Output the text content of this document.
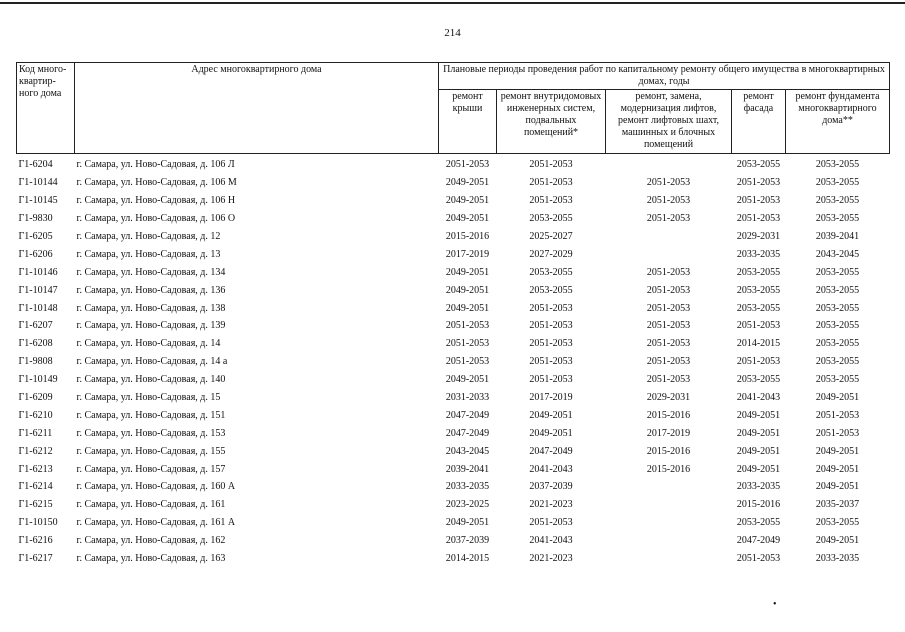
214
Код много-квартир-ного дома	Адрес многоквартирного дома	Плановые периоды проведения работ по капитальному ремонту общего имущества в многоквартирных домах, годы				
		ремонт крыши	ремонт внутридомовых инженерных систем, подвальных помещений*	ремонт, замена, модернизация лифтов, ремонт лифтовых шахт, машинных и блочных помещений	ремонт фасада	ремонт фундамента многоквартирного дома**
Г1-6204	г. Самара, ул. Ново-Садовая, д. 106 Л	2051-2053	2051-2053		2053-2055	2053-2055
Г1-10144	г. Самара, ул. Ново-Садовая, д. 106 М	2049-2051	2051-2053	2051-2053	2051-2053	2053-2055
Г1-10145	г. Самара, ул. Ново-Садовая, д. 106 Н	2049-2051	2051-2053	2051-2053	2051-2053	2053-2055
Г1-9830	г. Самара, ул. Ново-Садовая, д. 106 О	2049-2051	2053-2055	2051-2053	2051-2053	2053-2055
Г1-6205	г. Самара, ул. Ново-Садовая, д. 12	2015-2016	2025-2027		2029-2031	2039-2041
Г1-6206	г. Самара, ул. Ново-Садовая, д. 13	2017-2019	2027-2029		2033-2035	2043-2045
Г1-10146	г. Самара, ул. Ново-Садовая, д. 134	2049-2051	2053-2055	2051-2053	2053-2055	2053-2055
Г1-10147	г. Самара, ул. Ново-Садовая, д. 136	2049-2051	2053-2055	2051-2053	2053-2055	2053-2055
Г1-10148	г. Самара, ул. Ново-Садовая, д. 138	2049-2051	2051-2053	2051-2053	2053-2055	2053-2055
Г1-6207	г. Самара, ул. Ново-Садовая, д. 139	2051-2053	2051-2053	2051-2053	2051-2053	2053-2055
Г1-6208	г. Самара, ул. Ново-Садовая, д. 14	2051-2053	2051-2053	2051-2053	2014-2015	2053-2055
Г1-9808	г. Самара, ул. Ново-Садовая, д. 14 а	2051-2053	2051-2053	2051-2053	2051-2053	2053-2055
Г1-10149	г. Самара, ул. Ново-Садовая, д. 140	2049-2051	2051-2053	2051-2053	2053-2055	2053-2055
Г1-6209	г. Самара, ул. Ново-Садовая, д. 15	2031-2033	2017-2019	2029-2031	2041-2043	2049-2051
Г1-6210	г. Самара, ул. Ново-Садовая, д. 151	2047-2049	2049-2051	2015-2016	2049-2051	2051-2053
Г1-6211	г. Самара, ул. Ново-Садовая, д. 153	2047-2049	2049-2051	2017-2019	2049-2051	2051-2053
Г1-6212	г. Самара, ул. Ново-Садовая, д. 155	2043-2045	2047-2049	2015-2016	2049-2051	2049-2051
Г1-6213	г. Самара, ул. Ново-Садовая, д. 157	2039-2041	2041-2043	2015-2016	2049-2051	2049-2051
Г1-6214	г. Самара, ул. Ново-Садовая, д. 160 А	2033-2035	2037-2039		2033-2035	2049-2051
Г1-6215	г. Самара, ул. Ново-Садовая, д. 161	2023-2025	2021-2023		2015-2016	2035-2037
Г1-10150	г. Самара, ул. Ново-Садовая, д. 161 А	2049-2051	2051-2053		2053-2055	2053-2055
Г1-6216	г. Самара, ул. Ново-Садовая, д. 162	2037-2039	2041-2043		2047-2049	2049-2051
Г1-6217	г. Самара, ул. Ново-Садовая, д. 163	2014-2015	2021-2023		2051-2053	2033-2035
•
